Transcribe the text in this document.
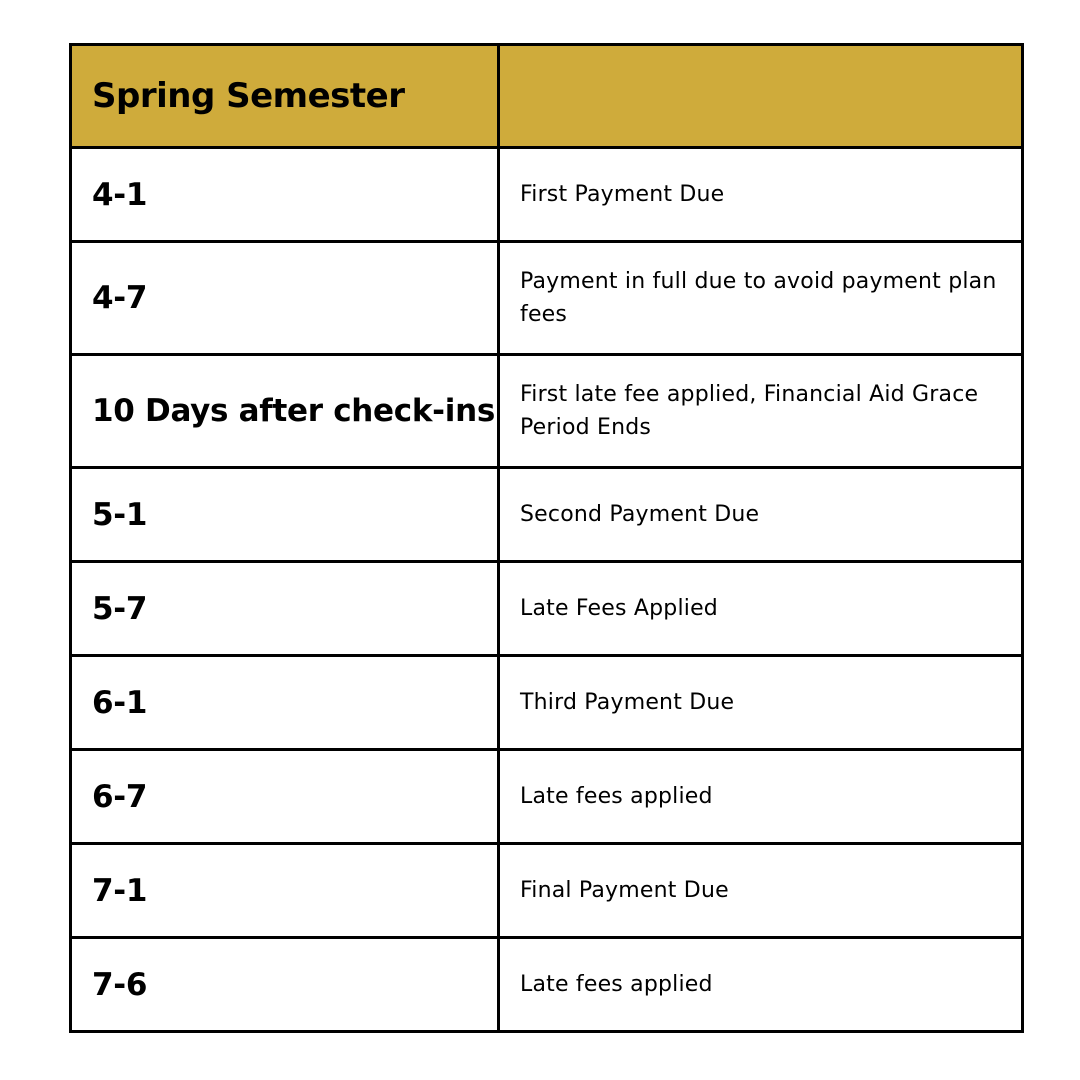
Spring Semester	
4-1	First Payment Due
4-7	Payment in full due to avoid payment plan fees
10 Days after check-ins	First late fee applied, Financial Aid Grace Period Ends
5-1	Second Payment Due
5-7	Late Fees Applied
6-1	Third Payment Due
6-7	Late fees applied
7-1	Final Payment Due
7-6	Late fees applied
